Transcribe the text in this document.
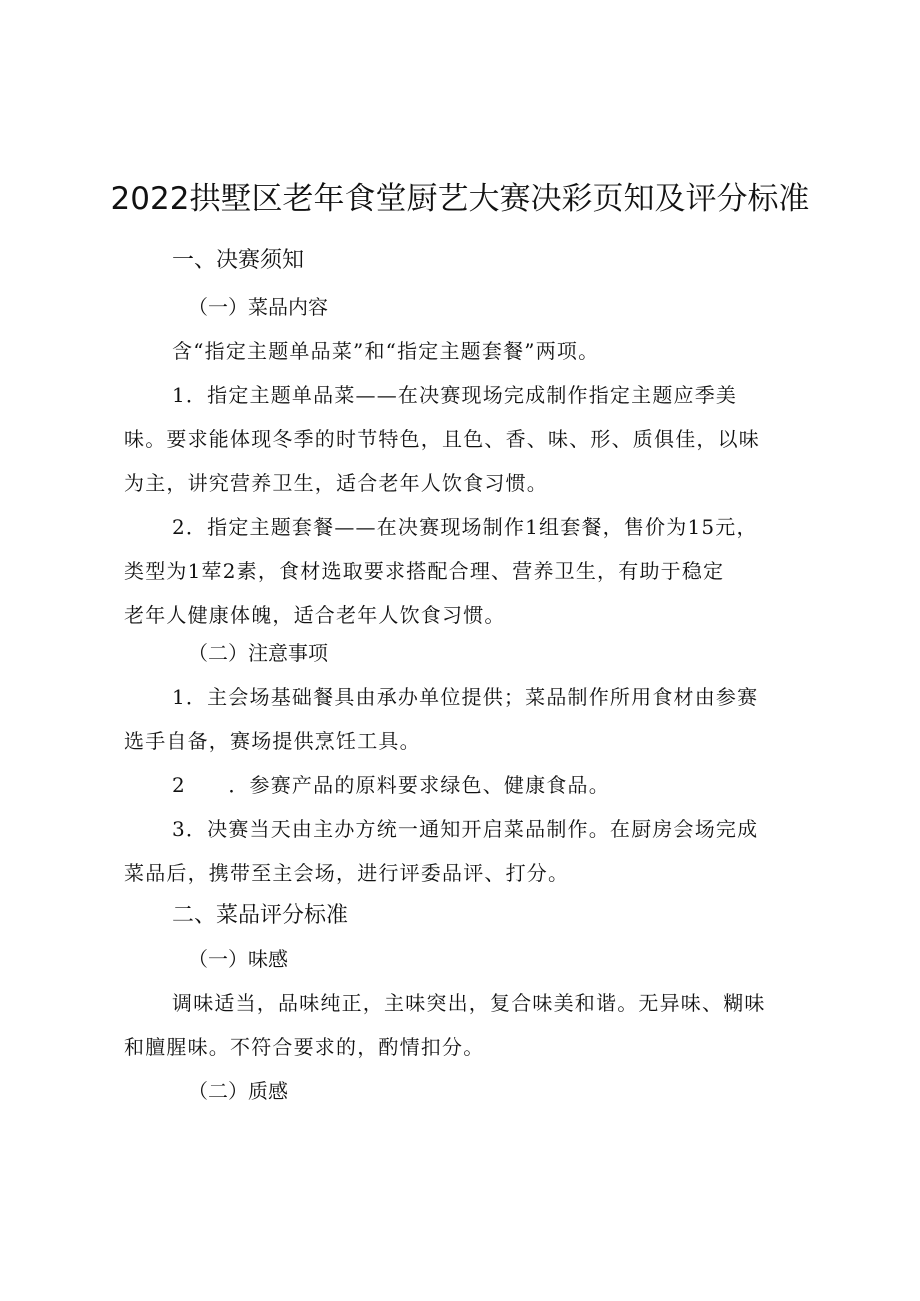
2022拱墅区老年食堂厨艺大赛决彩页知及评分标准
一、决赛须知
（一）菜品内容
含“指定主题单品菜”和“指定主题套餐”两项。
1．指定主题单品菜——在决赛现场完成制作指定主题应季美
味。要求能体现冬季的时节特色，且色、香、味、形、质俱佳，以味
为主，讲究营养卫生，适合老年人饮食习惯。
2．指定主题套餐——在决赛现场制作1组套餐，售价为15元，
类型为1荤2素，食材选取要求搭配合理、营养卫生，有助于稳定
老年人健康体魄，适合老年人饮食习惯。
（二）注意事项
1．主会场基础餐具由承办单位提供；菜品制作所用食材由参赛
选手自备，赛场提供烹饪工具。
2　　．参赛产品的原料要求绿色、健康食品。
3．决赛当天由主办方统一通知开启菜品制作。在厨房会场完成
菜品后，携带至主会场，进行评委品评、打分。
二、菜品评分标准
（一）味感
调味适当，品味纯正，主味突出，复合味美和谐。无异味、糊味
和膻腥味。不符合要求的，酌情扣分。
（二）质感
